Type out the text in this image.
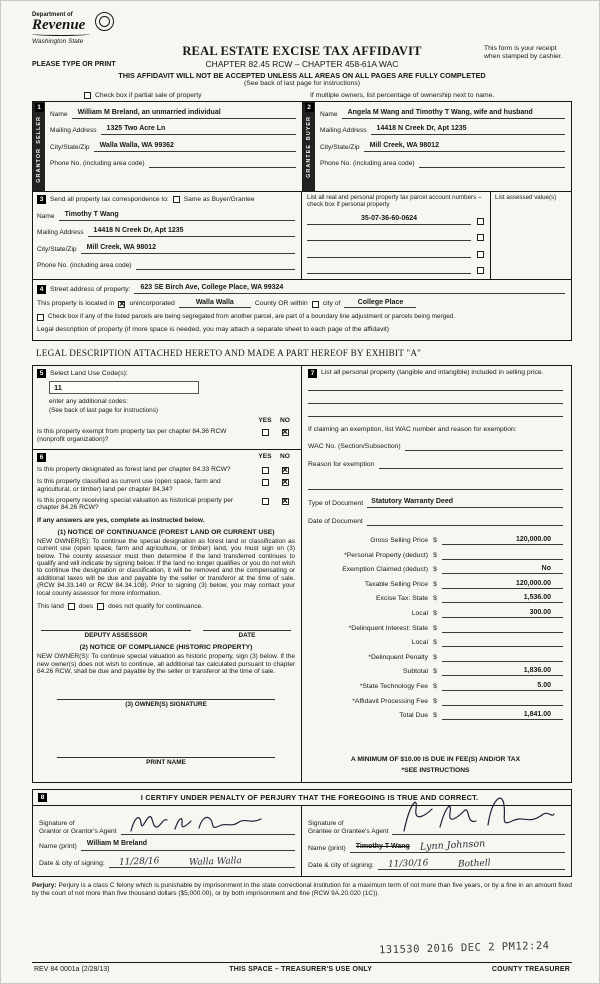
Department of
Revenue
Washington State
REAL ESTATE EXCISE TAX AFFIDAVIT	This form is your receipt when stamped by cashier.
PLEASE TYPE OR PRINT	CHAPTER 82.45 RCW – CHAPTER 458-61A WAC
THIS AFFIDAVIT WILL NOT BE ACCEPTED UNLESS ALL AREAS ON ALL PAGES ARE FULLY COMPLETED
(See back of last page for instructions)
Check box if partial sale of property	If multiple owners, list percentage of ownership next to name.
1
SELLER
GRANTOR
Name	William M Breland, an unmarried individual
Mailing Address	1325 Two Acre Ln
City/State/Zip	Walla Walla, WA 99362
Phone No. (including area code)
2
BUYER
GRANTEE
Name	Angela M Wang and Timothy T Wang, wife and husband
Mailing Address	14418 N Creek Dr, Apt 1235
City/State/Zip	Mill Creek, WA 98012
Phone No. (including area code)
3	Send all property tax correspondence to: Same as Buyer/Grantee
Name	Timothy T Wang
Mailing Address	14418 N Creek Dr, Apt 1235
City/State/Zip	Mill Creek, WA 98012
Phone No. (including area code)
List all real and personal property tax parcel account numbers – check box if personal property
35-07-36-60-0624
List assessed value(s)
4 Street address of property:	623 SE Birch Ave, College Place, WA 99324
This property is located in × unincorporated	Walla Walla	County OR within city of	College Place
Check box if any of the listed parcels are being segregated from another parcel, are part of a boundary line adjustment or parcels being merged.
Legal description of property (if more space is needed, you may attach a separate sheet to each page of the affidavit)
LEGAL DESCRIPTION ATTACHED HERETO AND MADE A PART HEREOF BY EXHIBIT "A"
5 Select Land Use Code(s):
11
enter any additional codes:
(See back of last page for instructions)
YES	NO
Is this property exempt from property tax per chapter 84.36 RCW (nonprofit organization)?
×
6	YES	NO
Is this property designated as forest land per chapter 84.33 RCW?
×
Is this property classified as current use (open space, farm and agricultural, or timber) land per chapter 84.34?
×
Is this property receiving special valuation as historical property per chapter 84.26 RCW?
×
If any answers are yes, complete as instructed below.
(1) NOTICE OF CONTINUANCE (FOREST LAND OR CURRENT USE)
NEW OWNER(S): To continue the special designation as forest land or classification as current use (open space, farm and agriculture, or timber) land, you must sign on (3) below. The county assessor must then determine if the land transferred continues to qualify and will indicate by signing below. If the land no longer qualifies or you do not wish to continue the designation or classification, it will be removed and the compensating or additional taxes will be due and payable by the seller or transferor at the time of sale. (RCW 84.33.140 or RCW 84.34.108). Prior to signing (3) below, you may contact your local county assessor for more information.
This land does does not qualify for continuance.
DEPUTY ASSESSOR	DATE
(2) NOTICE OF COMPLIANCE (HISTORIC PROPERTY)
NEW OWNER(S): To continue special valuation as historic property, sign (3) below. If the new owner(s) does not wish to continue, all additional tax calculated pursuant to chapter 84.26 RCW, shall be due and payable by the seller or transferor at the time of sale.
(3) OWNER(S) SIGNATURE
PRINT NAME
7 List all personal property (tangible and intangible) included in selling price.
If claiming an exemption, list WAC number and reason for exemption:
WAC No. (Section/Subsection)
Reason for exemption
Type of Document	Statutory Warranty Deed
Date of Document
Gross Selling Price $	120,000.00
*Personal Property (deduct) $
Exemption Claimed (deduct) $	No
Taxable Selling Price $	120,000.00
Excise Tax: State $	1,536.00
Local $	300.00
*Delinquent Interest: State $
Local $
*Delinquent Penalty $
Subtotal $	1,836.00
*State Technology Fee $	5.00
*Affidavit Processing Fee $
Total Due $	1,841.00
A MINIMUM OF $10.00 IS DUE IN FEE(S) AND/OR TAX
*SEE INSTRUCTIONS
8	I CERTIFY UNDER PENALTY OF PERJURY THAT THE FOREGOING IS TRUE AND CORRECT.
Signature of
Grantor or Grantor's Agent
Name (print)	William M Breland
Date & city of signing:	11/28/16	Walla Walla
Signature of
Grantee or Grantee's Agent
Name (print)	Timothy T Wang Lynn Johnson
Date & city of signing:	11/30/16	Bothell
Perjury: Perjury is a class C felony which is punishable by imprisonment in the state correctional institution for a maximum term of not more than five years, or by a fine in an amount fixed by the court of not more than five thousand dollars ($5,000.00), or by both imprisonment and fine (RCW 9A.20.020 (1C)).
131530 2016 DEC 2 PM12:24
REV 84 0001a (2/28/13)	THIS SPACE – TREASURER'S USE ONLY	COUNTY TREASURER
